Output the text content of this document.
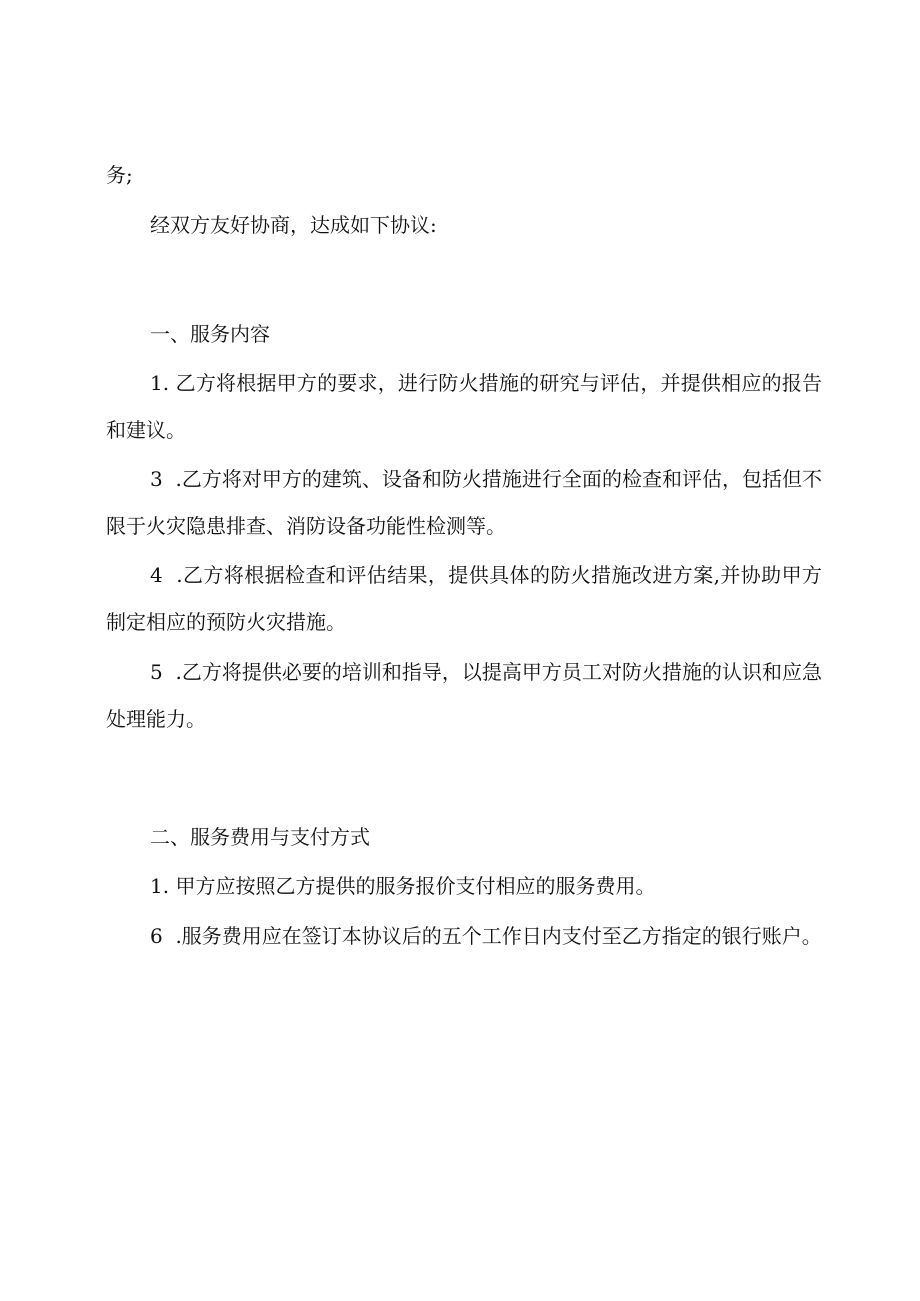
务;

经双方友好协商，达成如下协议:

一、服务内容

1. 乙方将根据甲方的要求，进行防火措施的研究与评估，并提供相应的报告和建议。

3  .乙方将对甲方的建筑、设备和防火措施进行全面的检查和评估，包括但不限于火灾隐患排查、消防设备功能性检测等。

4  .乙方将根据检查和评估结果，提供具体的防火措施改进方案,并协助甲方制定相应的预防火灾措施。

5  .乙方将提供必要的培训和指导，以提高甲方员工对防火措施的认识和应急处理能力。

二、服务费用与支付方式

1. 甲方应按照乙方提供的服务报价支付相应的服务费用。

6  .服务费用应在签订本协议后的五个工作日内支付至乙方指定的银行账户。
